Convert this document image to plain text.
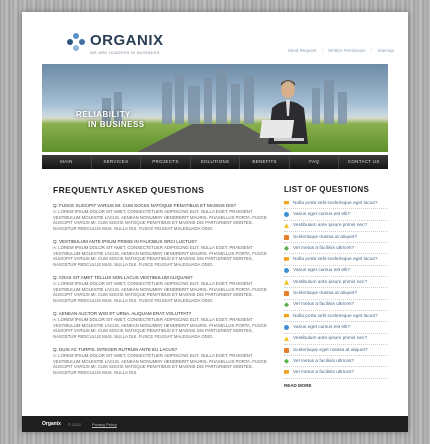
ORGANIX
WE ARE LEADERS IN BUSINESS	Send Request | Written Permission | Sitemap
RELIABILITY
IN BUSINESS
MAIN	SERVICES	PROJECTS	SOLUTIONS	BENEFITS	FAQ	CONTACT US
FREQUENTLY ASKED QUESTIONS
Q: FUSCE SUSCIPIT VARIUS MI. CUM SOCIIS NATOQUE PENATIBUS ET MAGNIS DIS?
A: LOREM IPSUM DOLOR SIT AMET, CONSECTETUER ADIPISCING ELIT. NULLA EGET. PRAESENT VESTIBULUM MOLESTIE LACUS. AENEAN NONUMMY HENDRERIT MAURIS. PHASELLUS PORTA. FUSCE SUSCIPIT VARIUS MI. CUM SOCIIS NATOQUE PENATIBUS ET MAGNIS DIS PARTURIENT MONTES, NASCETUR RIDICULUS MUS. NULLA DUI. FUSCE FEUGIAT MALESUADA ODIO.
Q: VESTIBULUM ANTE IPSUM PRIMIS IN FAUCIBUS ORCI LUCTUS?
A: LOREM IPSUM DOLOR SIT AMET, CONSECTETUER ADIPISCING ELIT. NULLA EGET. PRAESENT VESTIBULUM MOLESTIE LACUS. AENEAN NONUMMY HENDRERIT MAURIS. PHASELLUS PORTA. FUSCE SUSCIPIT VARIUS MI. CUM SOCIIS NATOQUE PENATIBUS ET MAGNIS DIS PARTURIENT MONTES, NASCETUR RIDICULUS MUS. NULLA DUI. FUSCE FEUGIAT MALESUADA ODIO.
Q: CRAS SIT AMET TELLUS NON LACUS VESTIBULUM ALIQUAM?
A: LOREM IPSUM DOLOR SIT AMET, CONSECTETUER ADIPISCING ELIT. NULLA EGET. PRAESENT VESTIBULUM MOLESTIE LACUS. AENEAN NONUMMY HENDRERIT MAURIS. PHASELLUS PORTA. FUSCE SUSCIPIT VARIUS MI. CUM SOCIIS NATOQUE PENATIBUS ET MAGNIS DIS PARTURIENT MONTES, NASCETUR RIDICULUS MUS. NULLA DUI. FUSCE FEUGIAT MALESUADA ODIO.
Q: AENEAN AUCTOR WISI ET URNA. ALIQUAM ERAT VOLUTPAT?
A: LOREM IPSUM DOLOR SIT AMET, CONSECTETUER ADIPISCING ELIT. NULLA EGET. PRAESENT VESTIBULUM MOLESTIE LACUS. AENEAN NONUMMY HENDRERIT MAURIS. PHASELLUS PORTA. FUSCE SUSCIPIT VARIUS MI. CUM SOCIIS NATOQUE PENATIBUS ET MAGNIS DIS PARTURIENT MONTES, NASCETUR RIDICULUS MUS. NULLA DUI. FUSCE FEUGIAT MALESUADA ODIO.
Q: DUIS AC TURPIS. INTEGER RUTRUM ANTE EU LACUS?
A: LOREM IPSUM DOLOR SIT AMET, CONSECTETUER ADIPISCING ELIT. NULLA EGET. PRAESENT VESTIBULUM MOLESTIE LACUS. AENEAN NONUMMY HENDRERIT MAURIS. PHASELLUS PORTA. FUSCE SUSCIPIT VARIUS MI. CUM SOCIIS NATOQUE PENATIBUS ET MAGNIS DIS PARTURIENT MONTES, NASCETUR RIDICULUS MUS. NULLA DUI.
LIST OF QUESTIONS
Nulla porta velit scelerisque eget lacus?
Varius eget cursus est elit?
Vestibulum ante ipsum primis nec?
Scelerisque massa at aliquet?
Vel metus a facilisis ultrices?
Nulla porta velit scelerisque eget lacus?
Varius eget cursus est elit?
Vestibulum ante ipsum primis nec?
Scelerisque massa at aliquet?
Vel metus a facilisis ultrices?
Nulla porta velit scelerisque eget lacus?
Varius eget cursus est elit?
Vestibulum ante ipsum primis nec?
Scelerisque eget massa at aliquet?
Vel metus a facilisis ultrices?
Vel metus a facilisis ultrices?
READ MORE
Organix © 2012	Privacy Policy
